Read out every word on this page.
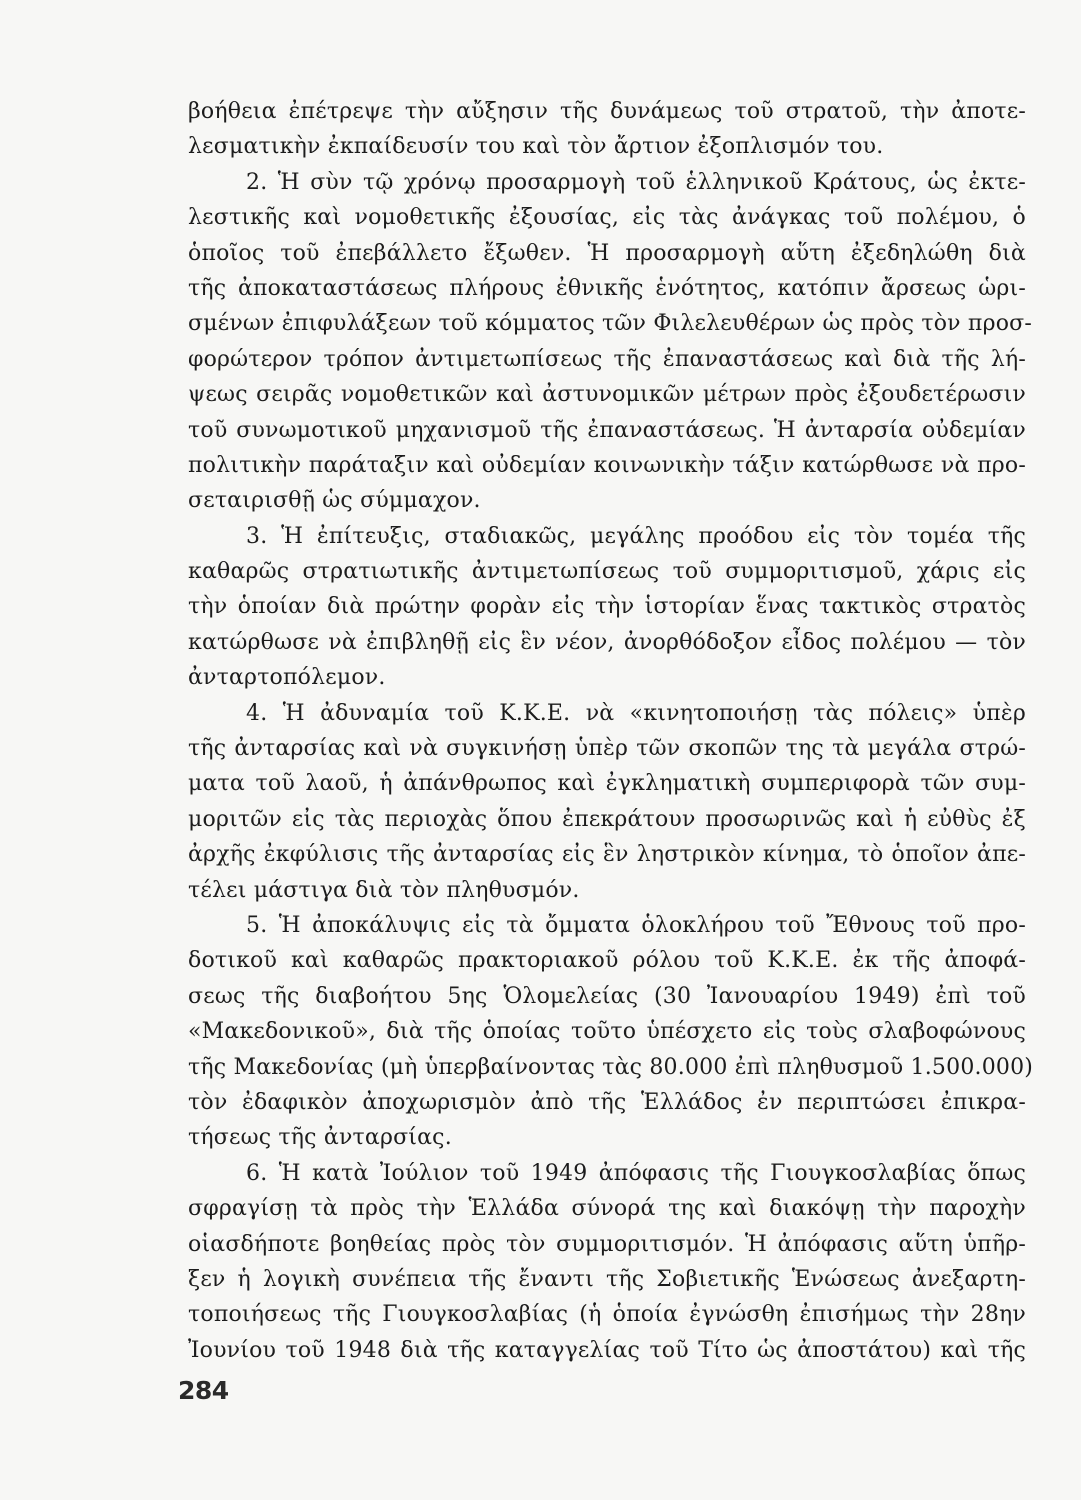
βοήθεια ἐπέτρεψε τὴν αὔξησιν τῆς δυνάμεως τοῦ στρατοῦ, τὴν ἀποτε-
λεσματικὴν ἐκπαίδευσίν του καὶ τὸν ἄρτιον ἐξοπλισμόν του.
2. Ἡ σὺν τῷ χρόνῳ προσαρμογὴ τοῦ ἑλληνικοῦ Κράτους, ὡς ἐκτε-
λεστικῆς καὶ νομοθετικῆς ἐξουσίας, εἰς τὰς ἀνάγκας τοῦ πολέμου, ὁ
ὁποῖος τοῦ ἐπεβάλλετο ἔξωθεν. Ἡ προσαρμογὴ αὕτη ἐξεδηλώθη διὰ
τῆς ἀποκαταστάσεως πλήρους ἐθνικῆς ἑνότητος, κατόπιν ἄρσεως ὡρι-
σμένων ἐπιφυλάξεων τοῦ κόμματος τῶν Φιλελευθέρων ὡς πρὸς τὸν προσ-
φορώτερον τρόπον ἀντιμετωπίσεως τῆς ἐπαναστάσεως καὶ διὰ τῆς λή-
ψεως σειρᾶς νομοθετικῶν καὶ ἀστυνομικῶν μέτρων πρὸς ἐξουδετέρωσιν
τοῦ συνωμοτικοῦ μηχανισμοῦ τῆς ἐπαναστάσεως. Ἡ ἀνταρσία οὐδεμίαν
πολιτικὴν παράταξιν καὶ οὐδεμίαν κοινωνικὴν τάξιν κατώρθωσε νὰ προ-
σεταιρισθῇ ὡς σύμμαχον.
3. Ἡ ἐπίτευξις, σταδιακῶς, μεγάλης προόδου εἰς τὸν τομέα τῆς
καθαρῶς στρατιωτικῆς ἀντιμετωπίσεως τοῦ συμμοριτισμοῦ, χάρις εἰς
τὴν ὁποίαν διὰ πρώτην φορὰν εἰς τὴν ἱστορίαν ἕνας τακτικὸς στρατὸς
κατώρθωσε νὰ ἐπιβληθῇ εἰς ἓν νέον, ἀνορθόδοξον εἶδος πολέμου — τὸν
ἀνταρτοπόλεμον.
4. Ἡ ἀδυναμία τοῦ Κ.Κ.Ε. νὰ «κινητοποιήσῃ τὰς πόλεις» ὑπὲρ
τῆς ἀνταρσίας καὶ νὰ συγκινήσῃ ὑπὲρ τῶν σκοπῶν της τὰ μεγάλα στρώ-
ματα τοῦ λαοῦ, ἡ ἀπάνθρωπος καὶ ἐγκληματικὴ συμπεριφορὰ τῶν συμ-
μοριτῶν εἰς τὰς περιοχὰς ὅπου ἐπεκράτουν προσωρινῶς καὶ ἡ εὐθὺς ἐξ
ἀρχῆς ἐκφύλισις τῆς ἀνταρσίας εἰς ἓν ληστρικὸν κίνημα, τὸ ὁποῖον ἀπε-
τέλει μάστιγα διὰ τὸν πληθυσμόν.
5. Ἡ ἀποκάλυψις εἰς τὰ ὄμματα ὁλοκλήρου τοῦ Ἔθνους τοῦ προ-
δοτικοῦ καὶ καθαρῶς πρακτοριακοῦ ρόλου τοῦ Κ.Κ.Ε. ἐκ τῆς ἀποφά-
σεως τῆς διαβοήτου 5ης Ὁλομελείας (30 Ἰανουαρίου 1949) ἐπὶ τοῦ
«Μακεδονικοῦ», διὰ τῆς ὁποίας τοῦτο ὑπέσχετο εἰς τοὺς σλαβοφώνους
τῆς Μακεδονίας (μὴ ὑπερβαίνοντας τὰς 80.000 ἐπὶ πληθυσμοῦ 1.500.000)
τὸν ἐδαφικὸν ἀποχωρισμὸν ἀπὸ τῆς Ἑλλάδος ἐν περιπτώσει ἐπικρα-
τήσεως τῆς ἀνταρσίας.
6. Ἡ κατὰ Ἰούλιον τοῦ 1949 ἀπόφασις τῆς Γιουγκοσλαβίας ὅπως
σφραγίσῃ τὰ πρὸς τὴν Ἑλλάδα σύνορά της καὶ διακόψῃ τὴν παροχὴν
οἱασδήποτε βοηθείας πρὸς τὸν συμμοριτισμόν. Ἡ ἀπόφασις αὕτη ὑπῆρ-
ξεν ἡ λογικὴ συνέπεια τῆς ἔναντι τῆς Σοβιετικῆς Ἑνώσεως ἀνεξαρτη-
τοποιήσεως τῆς Γιουγκοσλαβίας (ἡ ὁποία ἐγνώσθη ἐπισήμως τὴν 28ην
Ἰουνίου τοῦ 1948 διὰ τῆς καταγγελίας τοῦ Τίτο ὡς ἀποστάτου) καὶ τῆς
284
